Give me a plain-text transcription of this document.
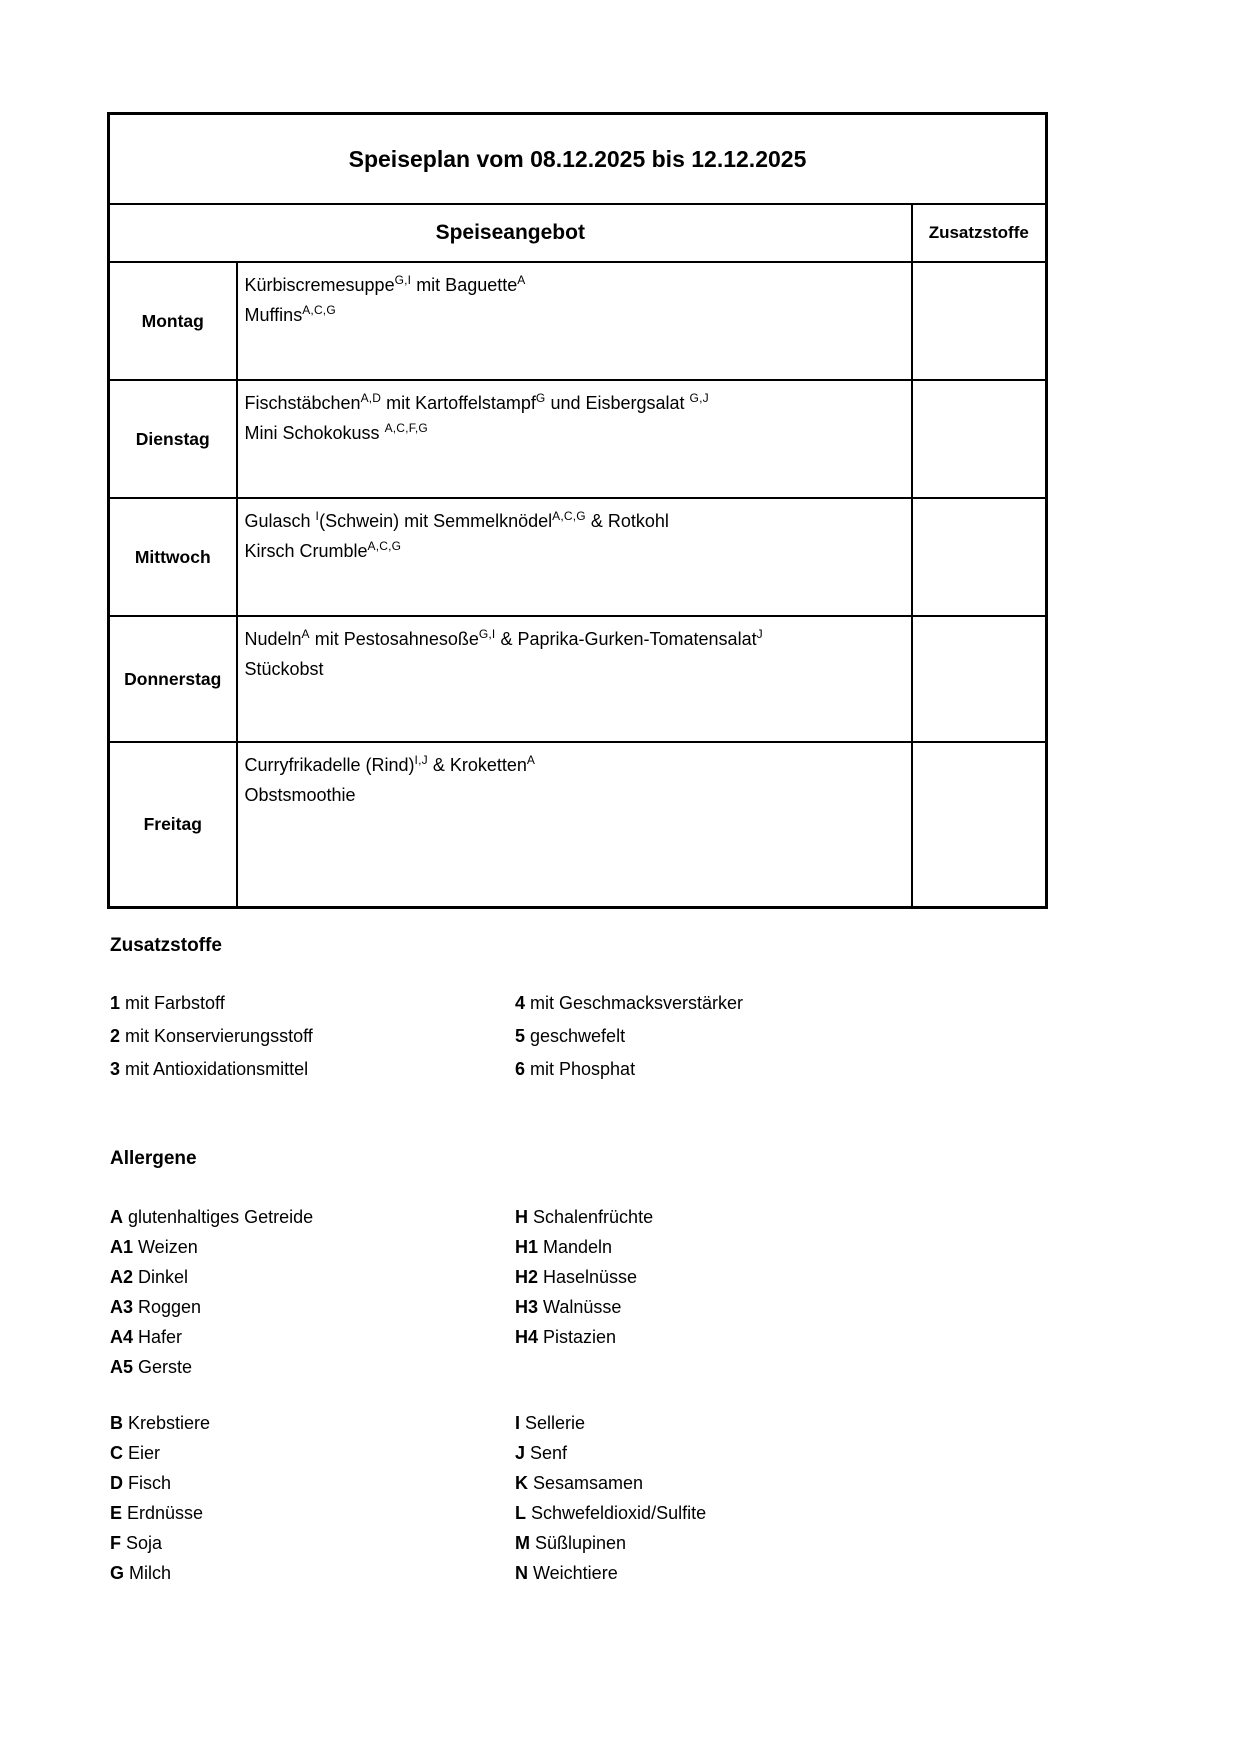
Speiseplan vom 08.12.2025 bis 12.12.2025		
Speiseangebot		Zusatzstoffe
Montag	Kürbiscremesuppe$^{G,I}$ mit Baguette$^A$
Muffins$^{A,C,G}$

Dienstag	Fischstäbchen$^{A,D}$ mit Kartoffelstampf$^G$ und Eisbergsalat $^{G,J}$
Mini Schokokuss $^{A,C,F,G}$

Mittwoch	Gulasch $^I$(Schwein) mit Semmelknödel$^{A,C,G}$ & Rotkohl
Kirsch Crumble$^{A,C,G}$

Donnerstag	Nudeln$^A$ mit Pestosahnesoße$^{G,I}$ & Paprika-Gurken-Tomatensalat$^J$
Stückobst	

Freitag	Curryfrikadelle (Rind)$^{I,J}$ & Kroketten$^A$
Obstsmoothie	

Zusatzstoffe
1 mit Farbstoff
2 mit Konservierungsstoff
3 mit Antioxidationsmittel
4 mit Geschmacksverstärker
5 geschwefelt
6 mit Phosphat
Allergene
A glutenhaltiges Getreide
A1 Weizen
A2 Dinkel
A3 Roggen
A4 Hafer
A5 Gerste
H Schalenfrüchte
H1 Mandeln
H2 Haselnüsse
H3 Walnüsse
H4 Pistazien
B Krebstiere
C Eier
D Fisch
E Erdnüsse
F Soja
G Milch
I Sellerie
J Senf
K Sesamsamen
L Schwefeldioxid/Sulfite
M Süßlupinen
N Weichtiere
